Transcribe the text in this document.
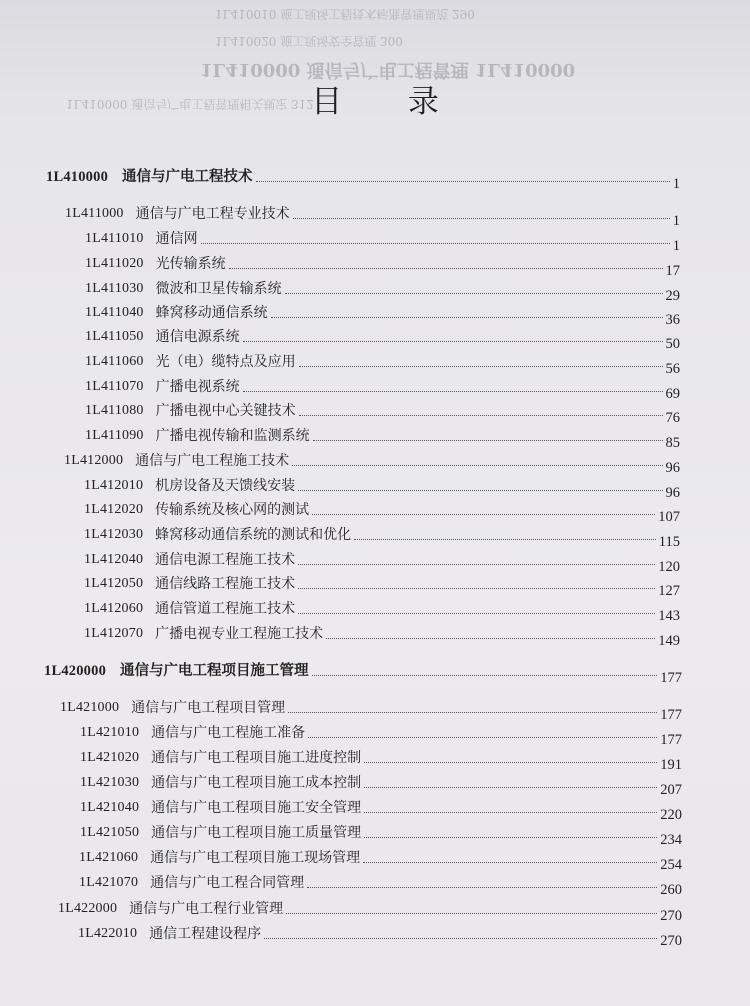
1L410010 施工现场工程技术标准管理规范 290
1L410020 施工现场安全管理 300
1L410000 通信与广电工程管理 1L410000
1L410000 通信与广电工程管理相关规定 312
目 录
1L410000 通信与广电工程技术	1
1L411000 通信与广电工程专业技术	1
1L411010 通信网	1
1L411020 光传输系统	17
1L411030 微波和卫星传输系统	29
1L411040 蜂窝移动通信系统	36
1L411050 通信电源系统	50
1L411060 光（电）缆特点及应用	56
1L411070 广播电视系统	69
1L411080 广播电视中心关键技术	76
1L411090 广播电视传输和监测系统	85
1L412000 通信与广电工程施工技术	96
1L412010 机房设备及天馈线安装	96
1L412020 传输系统及核心网的测试	107
1L412030 蜂窝移动通信系统的测试和优化	115
1L412040 通信电源工程施工技术	120
1L412050 通信线路工程施工技术	127
1L412060 通信管道工程施工技术	143
1L412070 广播电视专业工程施工技术	149
1L420000 通信与广电工程项目施工管理	177
1L421000 通信与广电工程项目管理	177
1L421010 通信与广电工程施工准备	177
1L421020 通信与广电工程项目施工进度控制	191
1L421030 通信与广电工程项目施工成本控制	207
1L421040 通信与广电工程项目施工安全管理	220
1L421050 通信与广电工程项目施工质量管理	234
1L421060 通信与广电工程项目施工现场管理	254
1L421070 通信与广电工程合同管理	260
1L422000 通信与广电工程行业管理	270
1L422010 通信工程建设程序	270
